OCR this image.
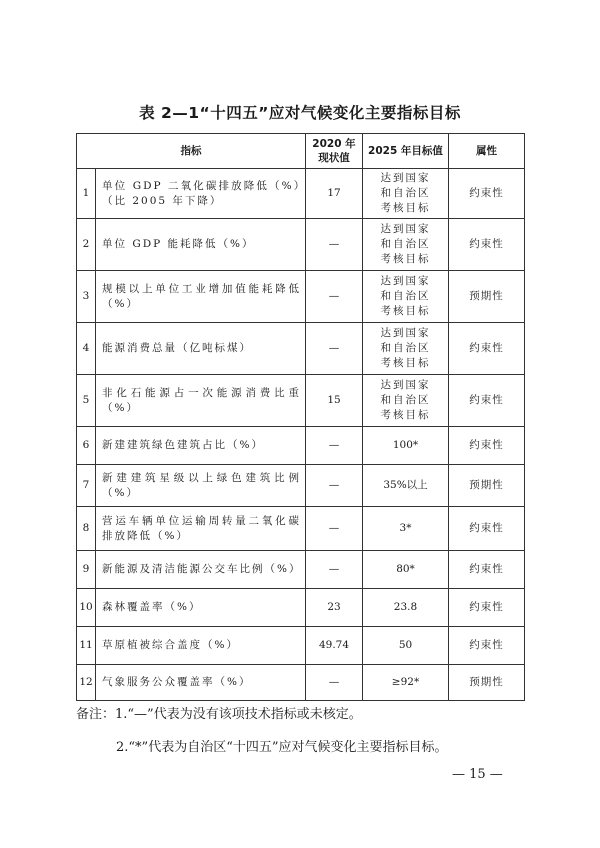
表 2—1“十四五”应对气候变化主要指标目标
指标		2020 年现状值	2025 年目标值	属性
1	单位 GDP 二氧化碳排放降低（%）（比 2005 年下降）	17	达到国家和自治区考核目标	约束性
2	单位 GDP 能耗降低（%）	—	达到国家和自治区考核目标	约束性
3	规模以上单位工业增加值能耗降低（%）	—	达到国家和自治区考核目标	预期性
4	能源消费总量（亿吨标煤）	—	达到国家和自治区考核目标	约束性
5	非化石能源占一次能源消费比重（%）	15	达到国家和自治区考核目标	约束性
6	新建建筑绿色建筑占比（%）	—	100*	约束性
7	新建建筑星级以上绿色建筑比例（%）	—	35%以上	预期性
8	营运车辆单位运输周转量二氧化碳排放降低（%）	—	3*	约束性
9	新能源及清洁能源公交车比例（%）	—	80*	约束性
10	森林覆盖率（%）	23	23.8	约束性
11	草原植被综合盖度（%）	49.74	50	约束性
12	气象服务公众覆盖率（%）	—	≥92*	预期性
备注：1.“—”代表为没有该项技术指标或未核定。
2.“*”代表为自治区“十四五”应对气候变化主要指标目标。
— 15 —
